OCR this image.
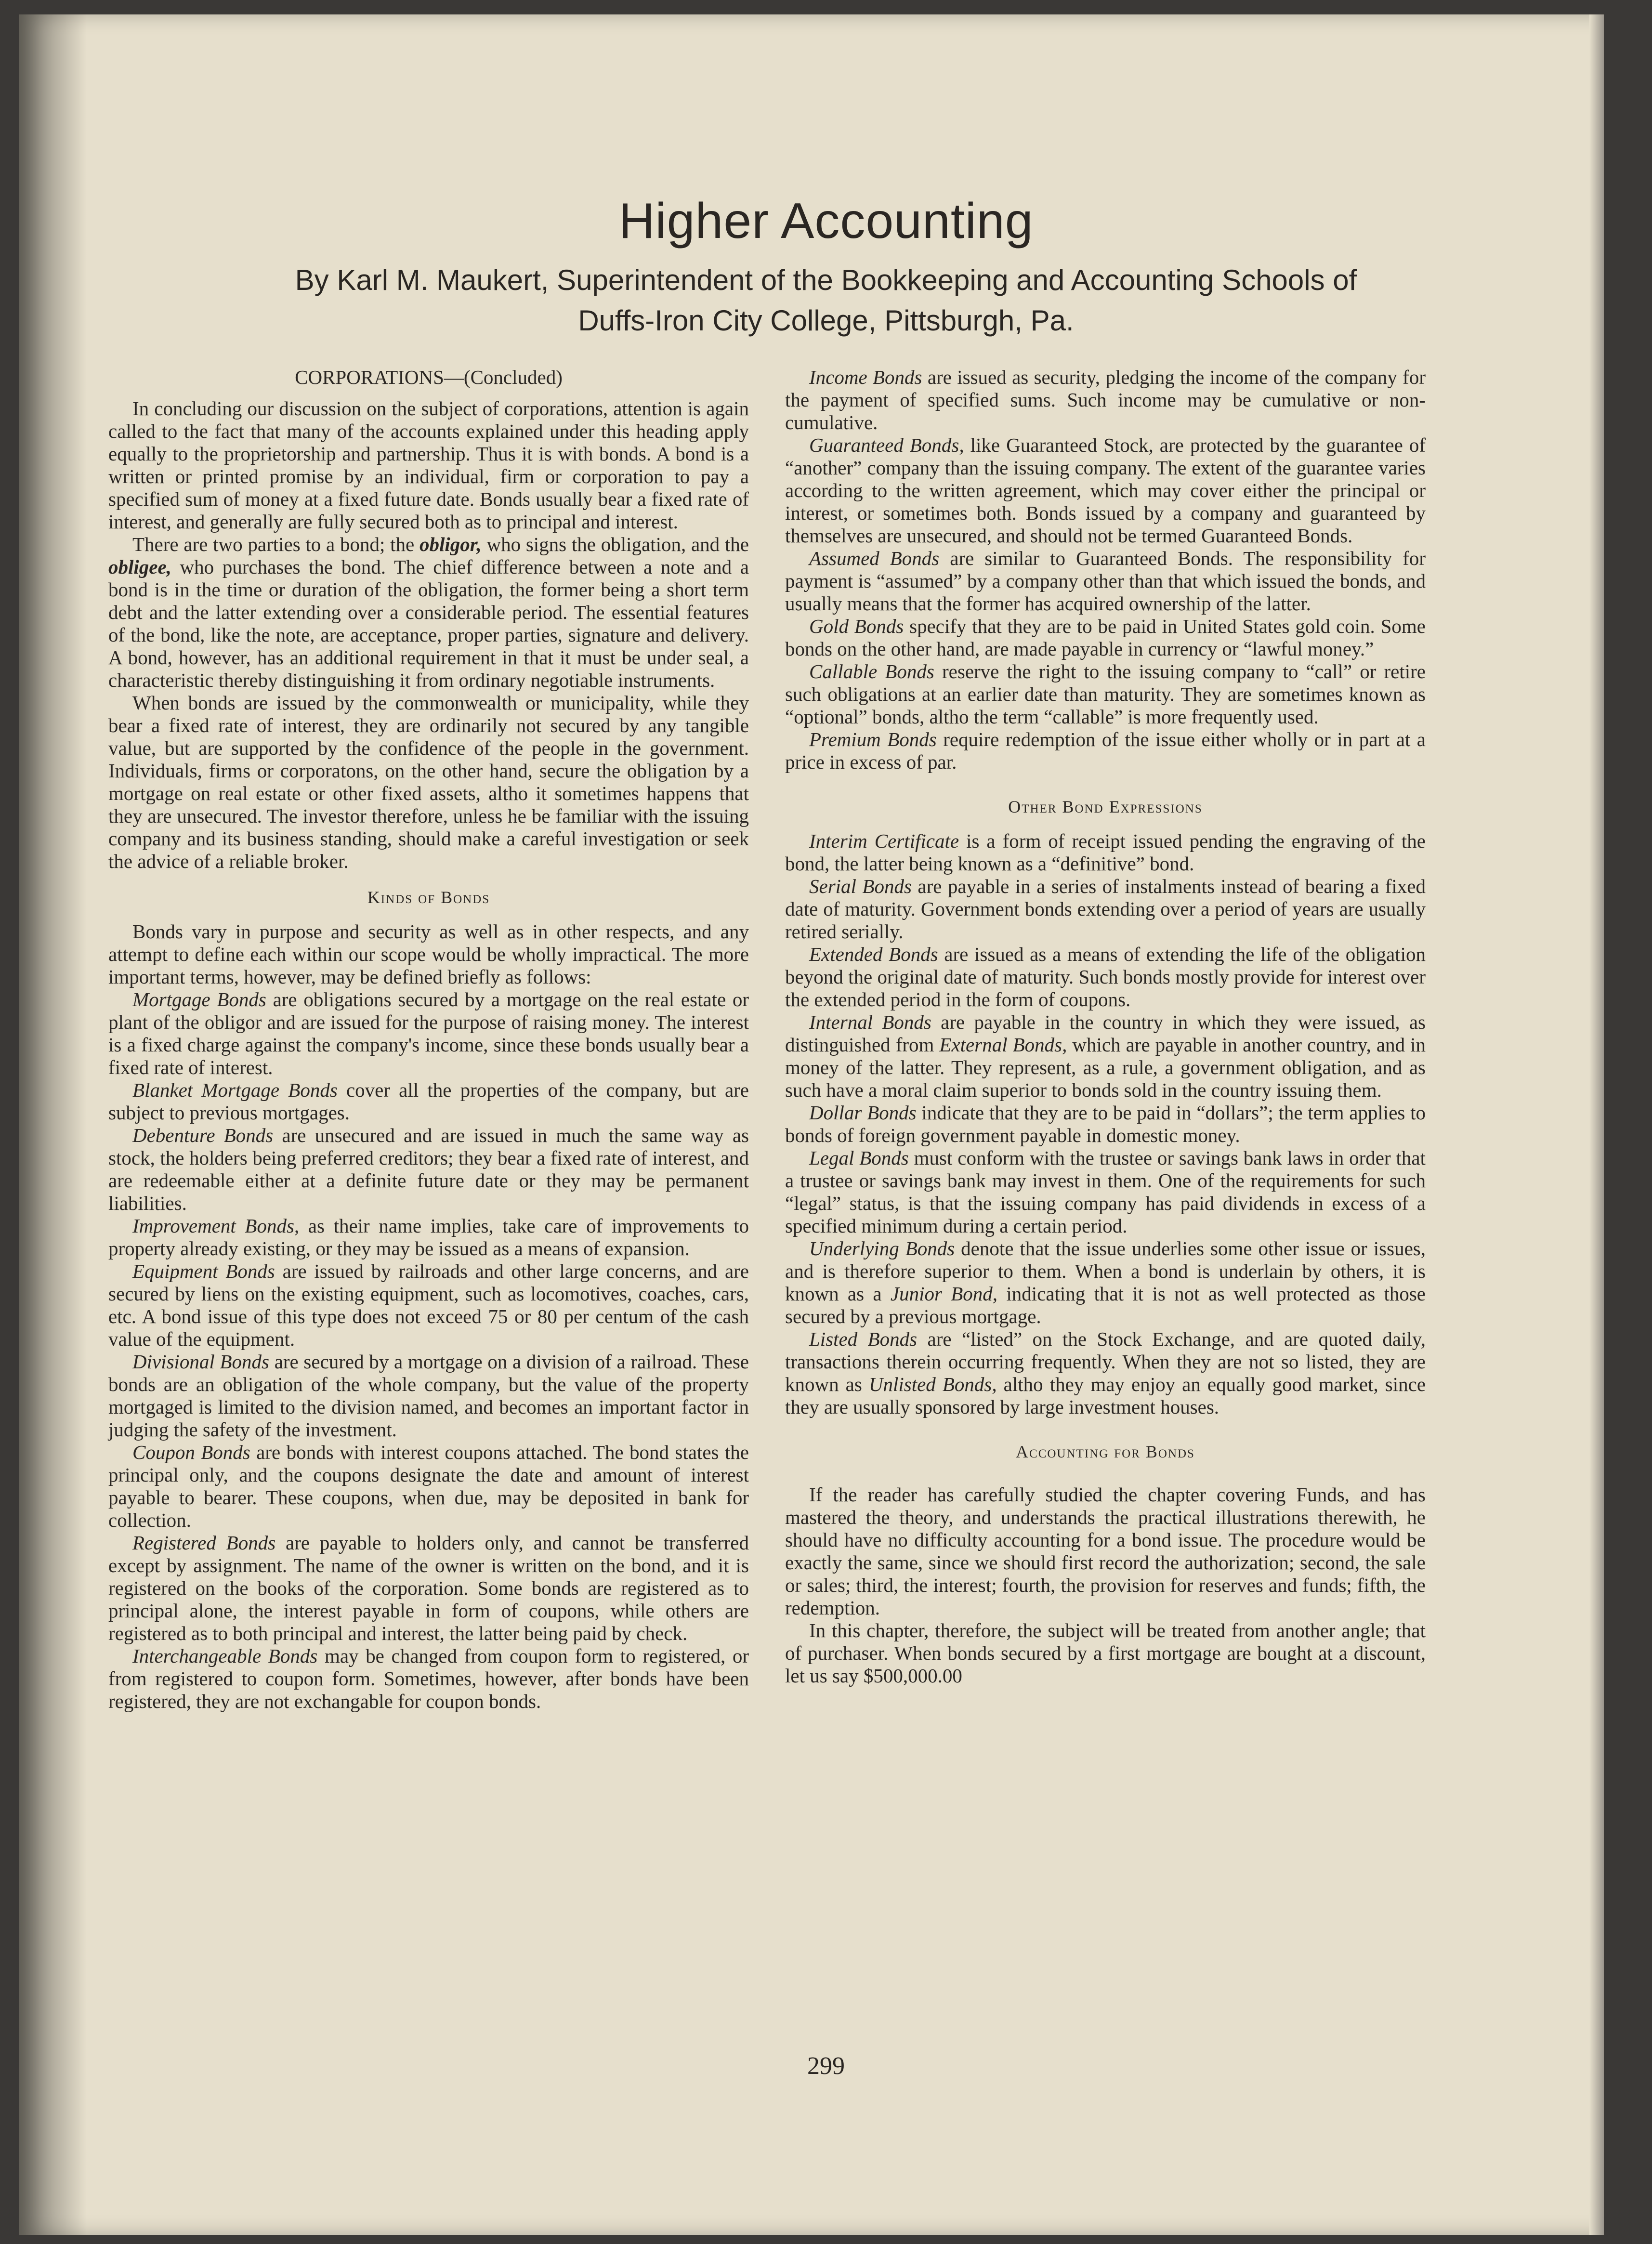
Higher Accounting
By Karl M. Maukert, Superintendent of the Bookkeeping and Accounting Schools of
Duffs-Iron City College, Pittsburgh, Pa.
CORPORATIONS—(Concluded)

In concluding our discussion on the subject of corporations, attention is again called to the fact that many of the accounts explained under this heading apply equally to the proprietorship and partnership. Thus it is with bonds. A bond is a written or printed promise by an individual, firm or corporation to pay a specified sum of money at a fixed future date. Bonds usually bear a fixed rate of interest, and generally are fully secured both as to principal and interest.

There are two parties to a bond; the obligor, who signs the obligation, and the obligee, who purchases the bond. The chief difference between a note and a bond is in the time or duration of the obligation, the former being a short term debt and the latter extending over a considerable period. The essential features of the bond, like the note, are acceptance, proper parties, signature and delivery. A bond, however, has an additional requirement in that it must be under seal, a characteristic thereby distinguishing it from ordinary negotiable instruments.

When bonds are issued by the commonwealth or municipality, while they bear a fixed rate of interest, they are ordinarily not secured by any tangible value, but are supported by the confidence of the people in the government. Individuals, firms or corporatons, on the other hand, secure the obligation by a mortgage on real estate or other fixed assets, altho it sometimes happens that they are unsecured. The investor therefore, unless he be familiar with the issuing company and its business standing, should make a careful investigation or seek the advice of a reliable broker.

Kinds of Bonds

Bonds vary in purpose and security as well as in other respects, and any attempt to define each within our scope would be wholly impractical. The more important terms, however, may be defined briefly as follows:

Mortgage Bonds are obligations secured by a mortgage on the real estate or plant of the obligor and are issued for the purpose of raising money. The interest is a fixed charge against the company's income, since these bonds usually bear a fixed rate of interest.

Blanket Mortgage Bonds cover all the properties of the company, but are subject to previous mortgages.

Debenture Bonds are unsecured and are issued in much the same way as stock, the holders being preferred creditors; they bear a fixed rate of interest, and are redeemable either at a definite future date or they may be permanent liabilities.

Improvement Bonds, as their name implies, take care of improvements to property already existing, or they may be issued as a means of expansion.

Equipment Bonds are issued by railroads and other large concerns, and are secured by liens on the existing equipment, such as locomotives, coaches, cars, etc. A bond issue of this type does not exceed 75 or 80 per centum of the cash value of the equipment.

Divisional Bonds are secured by a mortgage on a division of a railroad. These bonds are an obligation of the whole company, but the value of the property mortgaged is limited to the division named, and becomes an important factor in judging the safety of the investment.

Coupon Bonds are bonds with interest coupons attached. The bond states the principal only, and the coupons designate the date and amount of interest payable to bearer. These coupons, when due, may be deposited in bank for collection.

Registered Bonds are payable to holders only, and cannot be transferred except by assignment. The name of the owner is written on the bond, and it is registered on the books of the corporation. Some bonds are registered as to principal alone, the interest payable in form of coupons, while others are registered as to both principal and interest, the latter being paid by check.

Interchangeable Bonds may be changed from coupon form to registered, or from registered to coupon form. Sometimes, however, after bonds have been registered, they are not exchangable for coupon bonds.

Income Bonds are issued as security, pledging the income of the company for the payment of specified sums. Such income may be cumulative or non-cumulative.

Guaranteed Bonds, like Guaranteed Stock, are protected by the guarantee of “another” company than the issuing company. The extent of the guarantee varies according to the written agreement, which may cover either the principal or interest, or sometimes both. Bonds issued by a company and guaranteed by themselves are unsecured, and should not be termed Guaranteed Bonds.

Assumed Bonds are similar to Guaranteed Bonds. The responsibility for payment is “assumed” by a company other than that which issued the bonds, and usually means that the former has acquired ownership of the latter.

Gold Bonds specify that they are to be paid in United States gold coin. Some bonds on the other hand, are made payable in currency or “lawful money.”

Callable Bonds reserve the right to the issuing company to “call” or retire such obligations at an earlier date than maturity. They are sometimes known as “optional” bonds, altho the term “callable” is more frequently used.

Premium Bonds require redemption of the issue either wholly or in part at a price in excess of par.

Other Bond Expressions

Interim Certificate is a form of receipt issued pending the engraving of the bond, the latter being known as a “definitive” bond.

Serial Bonds are payable in a series of instalments instead of bearing a fixed date of maturity. Government bonds extending over a period of years are usually retired serially.

Extended Bonds are issued as a means of extending the life of the obligation beyond the original date of maturity. Such bonds mostly provide for interest over the extended period in the form of coupons.

Internal Bonds are payable in the country in which they were issued, as distinguished from External Bonds, which are payable in another country, and in money of the latter. They represent, as a rule, a government obligation, and as such have a moral claim superior to bonds sold in the country issuing them.

Dollar Bonds indicate that they are to be paid in “dollars”; the term applies to bonds of foreign government payable in domestic money.

Legal Bonds must conform with the trustee or savings bank laws in order that a trustee or savings bank may invest in them. One of the requirements for such “legal” status, is that the issuing company has paid dividends in excess of a specified minimum during a certain period.

Underlying Bonds denote that the issue underlies some other issue or issues, and is therefore superior to them. When a bond is underlain by others, it is known as a Junior Bond, indicating that it is not as well protected as those secured by a previous mortgage.

Listed Bonds are “listed” on the Stock Exchange, and are quoted daily, transactions therein occurring frequently. When they are not so listed, they are known as Unlisted Bonds, altho they may enjoy an equally good market, since they are usually sponsored by large investment houses.

Accounting for Bonds

If the reader has carefully studied the chapter covering Funds, and has mastered the theory, and understands the practical illustrations therewith, he should have no difficulty accounting for a bond issue. The procedure would be exactly the same, since we should first record the authorization; second, the sale or sales; third, the interest; fourth, the provision for reserves and funds; fifth, the redemption.

In this chapter, therefore, the subject will be treated from another angle; that of purchaser. When bonds secured by a first mortgage are bought at a discount, let us say $500,000.00

299
